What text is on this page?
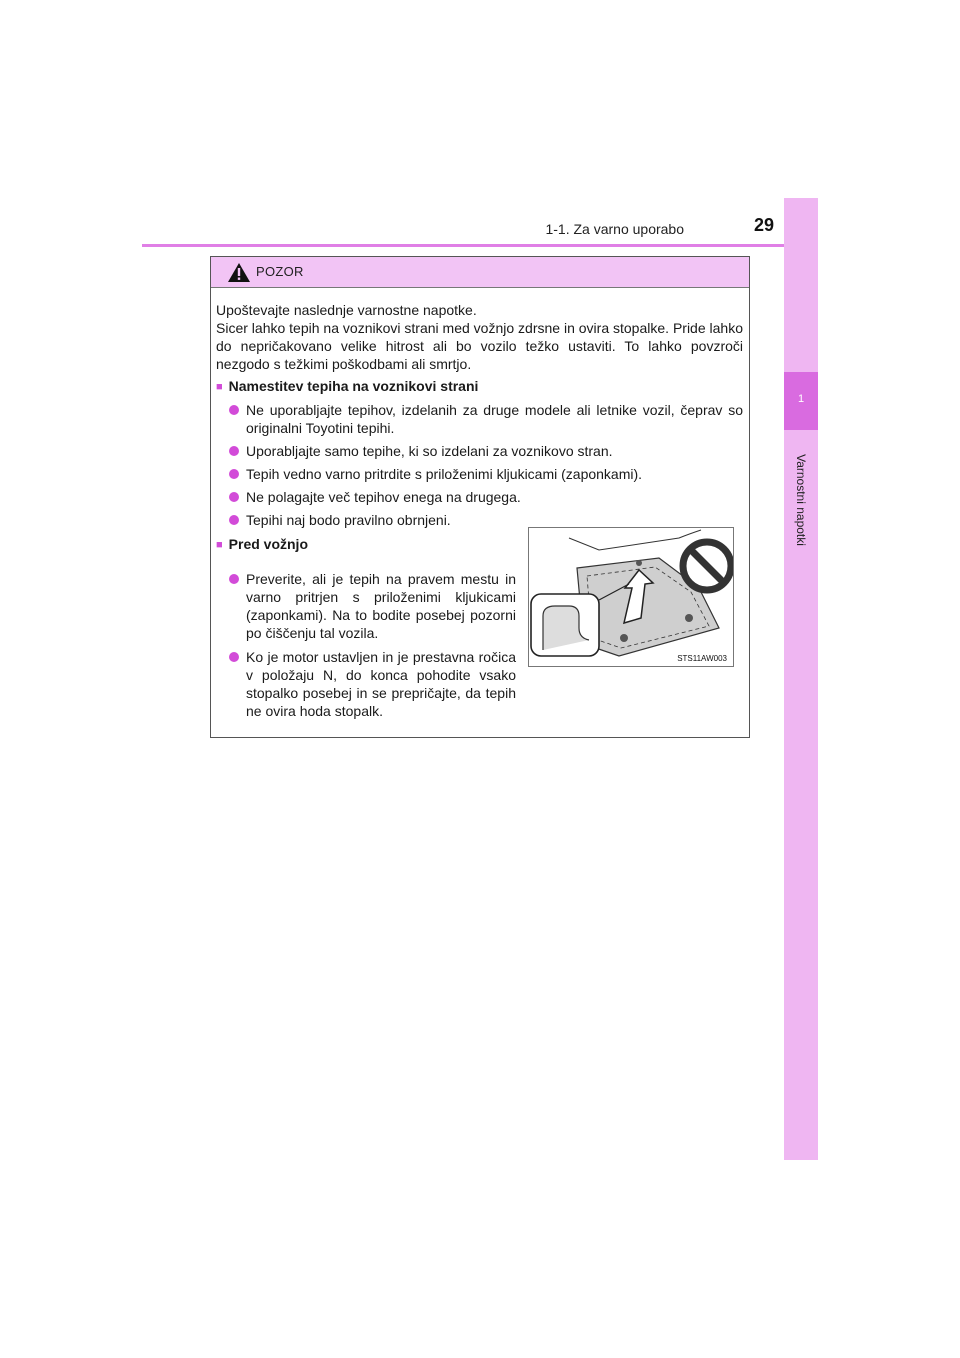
1-1. Za varno uporabo	29
1
Varnostni napotki
POZOR
Upoštevajte naslednje varnostne napotke.
Sicer lahko tepih na voznikovi strani med vožnjo zdrsne in ovira stopalke. Pride lahko do nepričakovano velike hitrost ali bo vozilo težko ustaviti. To lahko povzroči nezgodo s težkimi poškodbami ali smrtjo.
■ Namestitev tepiha na voznikovi strani
Ne uporabljajte tepihov, izdelanih za druge modele ali letnike vozil, čeprav so originalni Toyotini tepihi.
Uporabljajte samo tepihe, ki so izdelani za voznikovo stran.
Tepih vedno varno pritrdite s priloženimi kljukicami (zaponkami).
Ne polagajte več tepihov enega na drugega.
Tepihi naj bodo pravilno obrnjeni.
■ Pred vožnjo
Preverite, ali je tepih na pravem mestu in varno pritrjen s priloženimi kljukicami (zaponkami). Na to bodite posebej pozorni po čiščenju tal vozila.
Ko je motor ustavljen in je prestavna ročica v položaju N, do konca pohodite vsako stopalko posebej in se prepričajte, da tepih ne ovira hoda stopalk.
STS11AW003
